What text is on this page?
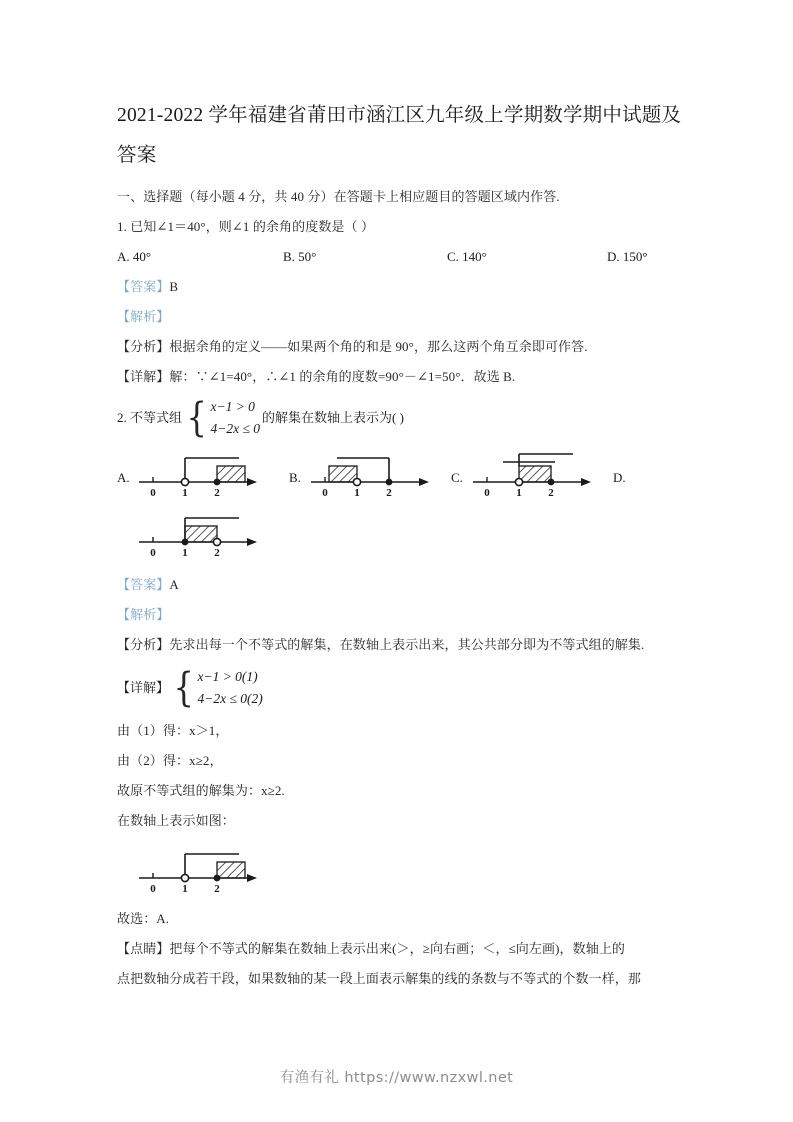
2021-2022 学年福建省莆田市涵江区九年级上学期数学期中试题及答案

一、选择题（每小题 4 分，共 40 分）在答题卡上相应题目的答题区域内作答.

1. 已知∠1＝40°，则∠1 的余角的度数是（ ）

A. 40°	B. 50°	C. 140°	D. 150°

【答案】B

【解析】

【分析】根据余角的定义——如果两个角的和是 90°，那么这两个角互余即可作答.

【详解】解：∵∠1=40°，∴∠1 的余角的度数=90°－∠1=50°．故选 B.

2. 不等式组 { x−1 > 0
4−2x ≤ 0
的解集在数轴上表示为( )
A.
0 1 2
B.
0 1 2
C.
0 1 2
D.
0 1 2

【答案】A

【解析】

【分析】先求出每一个不等式的解集，在数轴上表示出来，其公共部分即为不等式组的解集.

【详解】 { x−1 > 0(1)
4−2x ≤ 0(2)

由（1）得：x＞1，

由（2）得：x≥2，

故原不等式组的解集为：x≥2.

在数轴上表示如图：

0 1 2

故选：A.

【点睛】把每个不等式的解集在数轴上表示出来(＞，≥向右画；＜，≤向左画)，数轴上的

点把数轴分成若干段，如果数轴的某一段上面表示解集的线的条数与不等式的个数一样，那

有渔有礼 https://www.nzxwl.net
